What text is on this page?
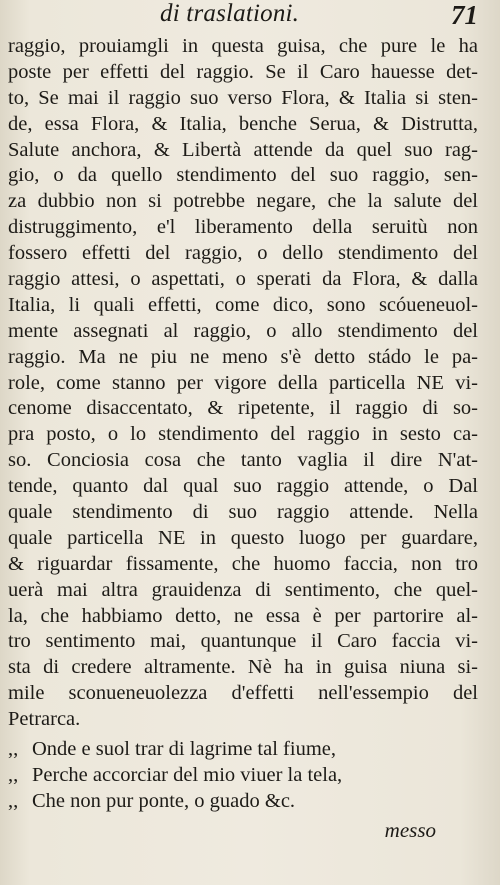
di traslationi.	71
raggio, prouiamgli in questa guisa, che pure le ha
poste per effetti del raggio. Se il Caro hauesse det-
to, Se mai il raggio suo verso Flora, & Italia si sten-
de, essa Flora, & Italia, benche Serua, & Distrutta,
Salute anchora, & Libertà attende da quel suo rag-
gio, o da quello stendimento del suo raggio, sen-
za dubbio non si potrebbe negare, che la salute del
distruggimento, e'l liberamento della seruitù non
fossero effetti del raggio, o dello stendimento del
raggio attesi, o aspettati, o sperati da Flora, & dalla
Italia, li quali effetti, come dico, sono scóueneuol-
mente assegnati al raggio, o allo stendimento del
raggio. Ma ne piu ne meno s'è detto stádo le pa-
role, come stanno per vigore della particella NE vi-
cenome disaccentato, & ripetente, il raggio di so-
pra posto, o lo stendimento del raggio in sesto ca-
so. Conciosia cosa che tanto vaglia il dire N'at-
tende, quanto dal qual suo raggio attende, o Dal
quale stendimento di suo raggio attende. Nella
quale particella NE in questo luogo per guardare,
& riguardar fissamente, che huomo faccia, non tro
uerà mai altra grauidenza di sentimento, che quel-
la, che habbiamo detto, ne essa è per partorire al-
tro sentimento mai, quantunque il Caro faccia vi-
sta di credere altramente. Nè ha in guisa niuna si-
mile sconueneuolezza d'effetti nell'essempio del
Petrarca.
,, Onde e suol trar di lagrime tal fiume,
,, Perche accorciar del mio viuer la tela,
,, Che non pur ponte, o guado &c.
messo
